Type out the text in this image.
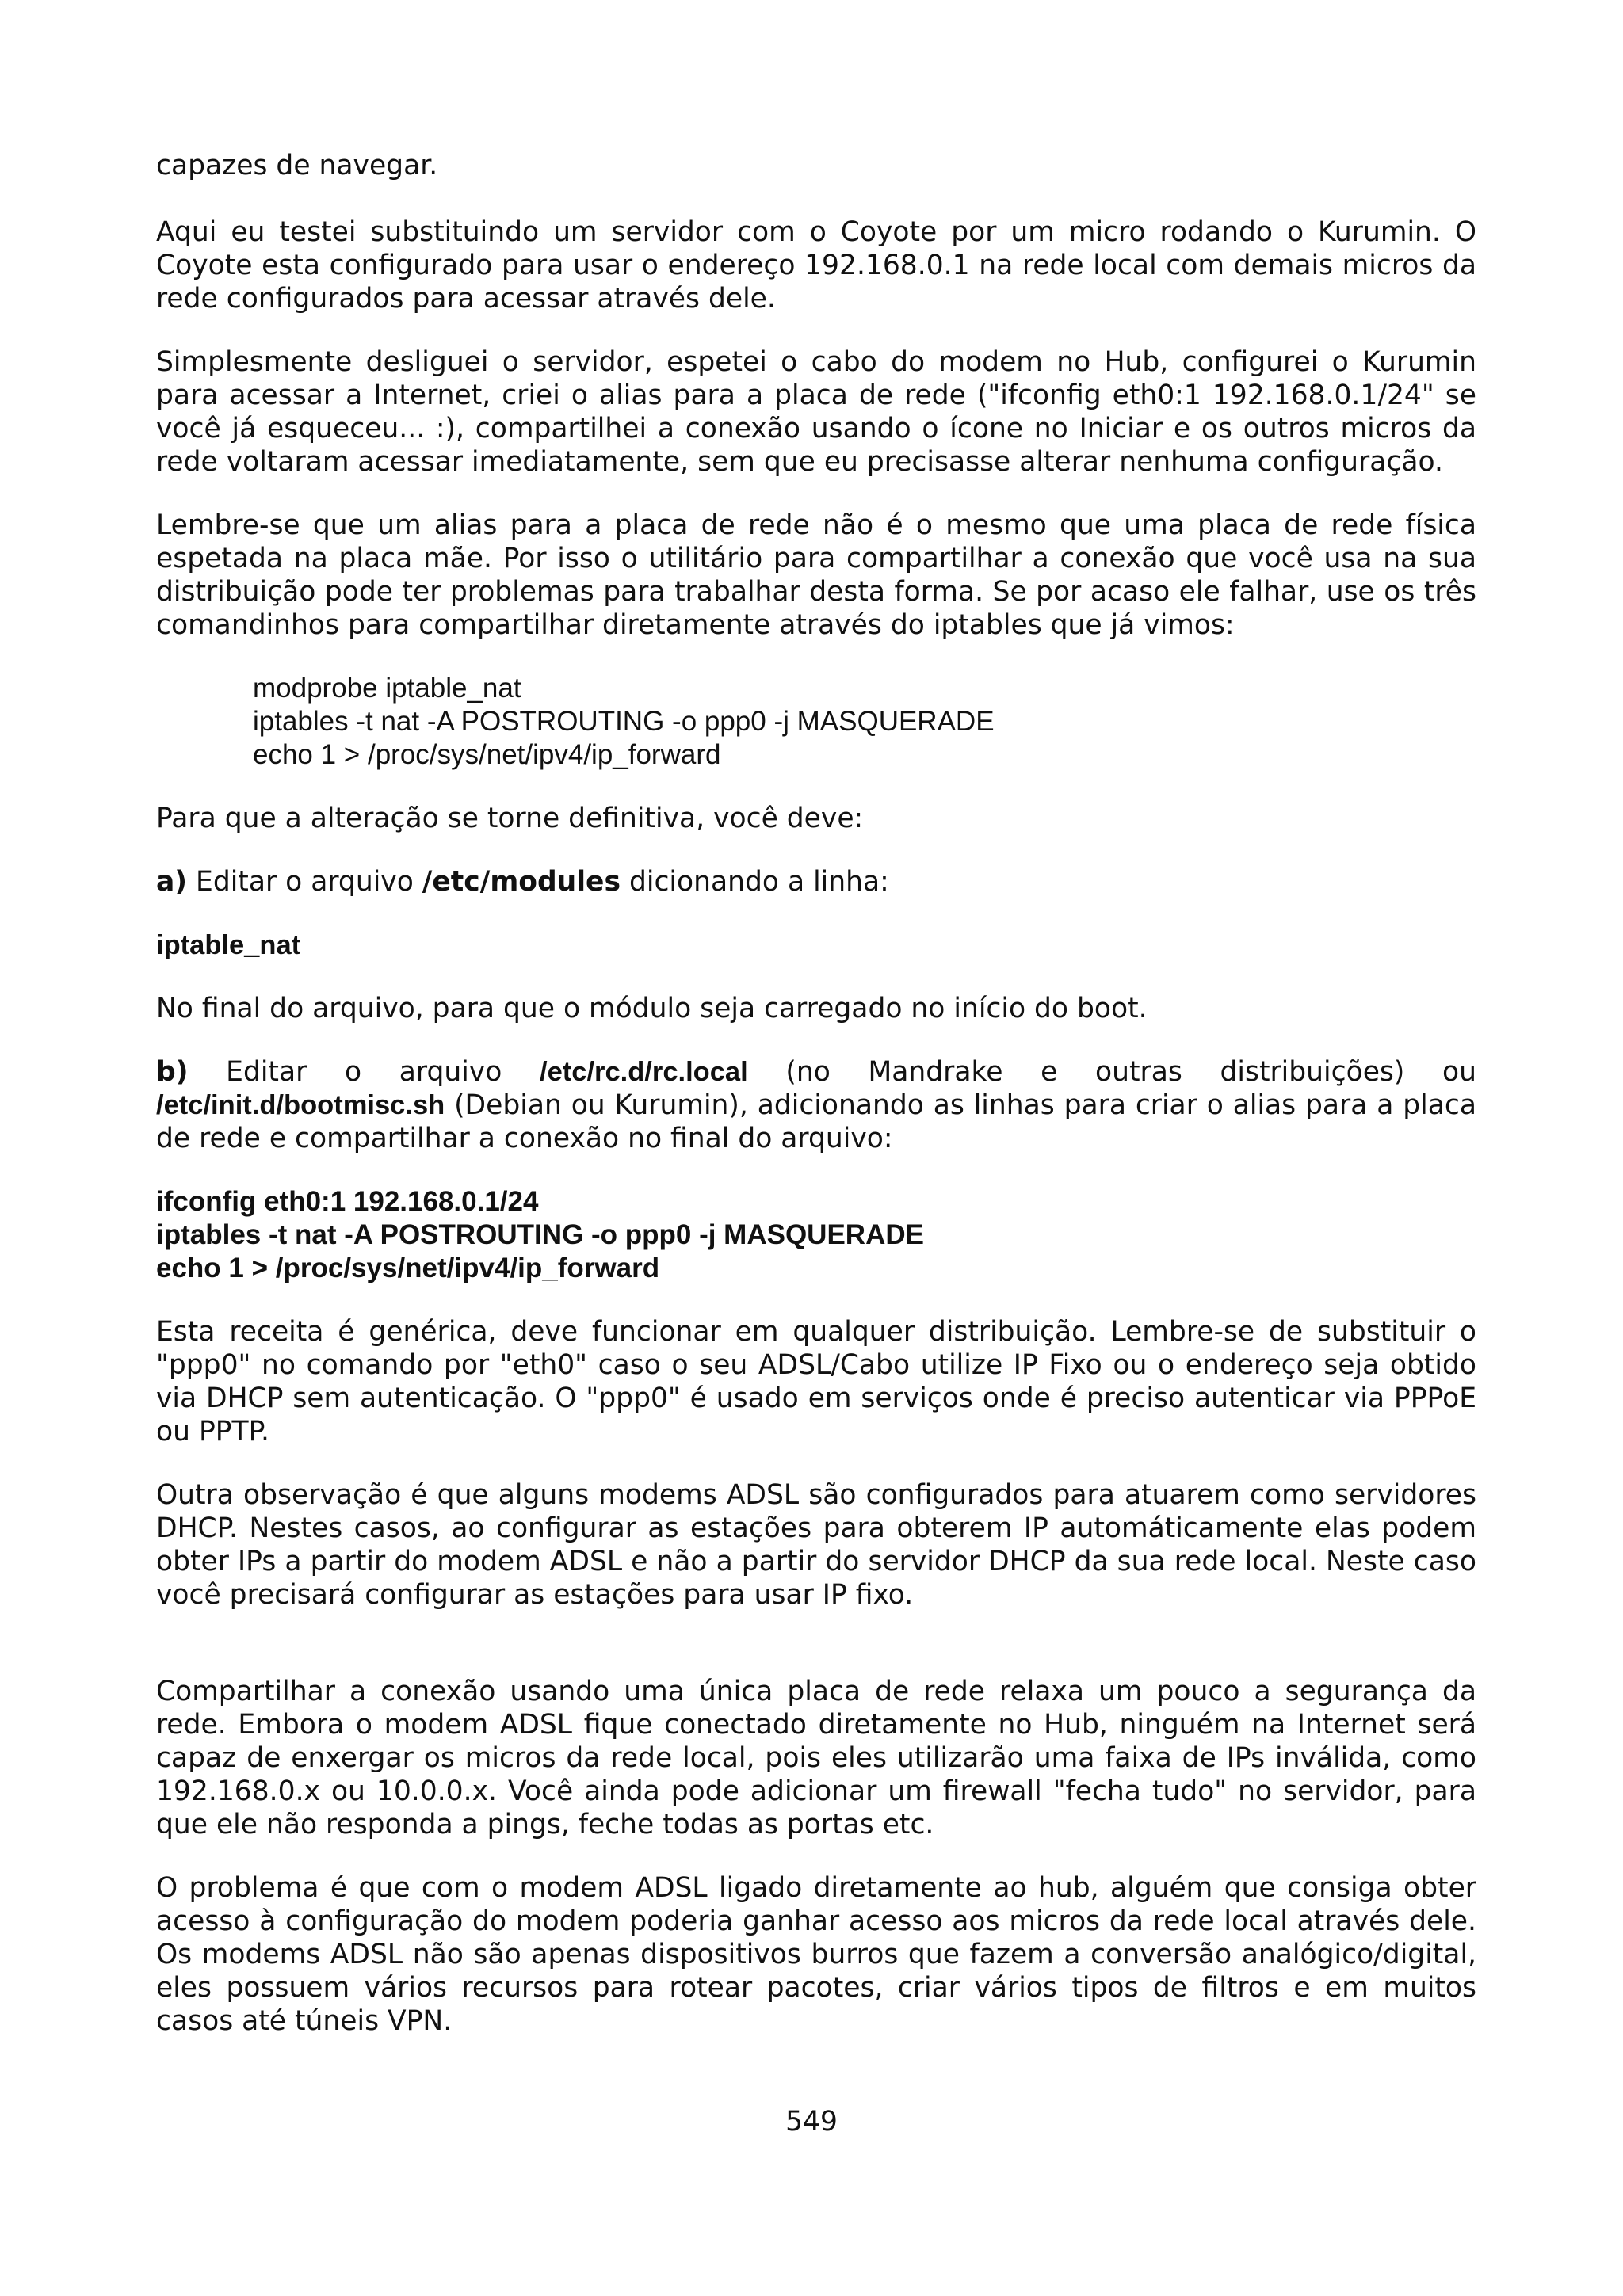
capazes de navegar.

Aqui eu testei substituindo um servidor com o Coyote por um micro rodando o Kurumin. O Coyote esta configurado para usar o endereço 192.168.0.1 na rede local com demais micros da rede configurados para acessar através dele.

Simplesmente desliguei o servidor, espetei o cabo do modem no Hub, configurei o Kurumin para acessar a Internet, criei o alias para a placa de rede ("ifconfig eth0:1 192.168.0.1/24" se você já esqueceu... :), compartilhei a conexão usando o ícone no Iniciar e os outros micros da rede voltaram acessar imediatamente, sem que eu precisasse alterar nenhuma configuração.

Lembre-se que um alias para a placa de rede não é o mesmo que uma placa de rede física espetada na placa mãe. Por isso o utilitário para compartilhar a conexão que você usa na sua distribuição pode ter problemas para trabalhar desta forma. Se por acaso ele falhar, use os três comandinhos para compartilhar diretamente através do iptables que já vimos:

modprobe iptable_nat
iptables -t nat -A POSTROUTING -o ppp0 -j MASQUERADE
echo 1 > /proc/sys/net/ipv4/ip_forward

Para que a alteração se torne definitiva, você deve:

a) Editar o arquivo /etc/modules dicionando a linha:

iptable_nat

No final do arquivo, para que o módulo seja carregado no início do boot.

b) Editar o arquivo /etc/rc.d/rc.local (no Mandrake e outras distribuições) ou /etc/init.d/bootmisc.sh (Debian ou Kurumin), adicionando as linhas para criar o alias para a placa de rede e compartilhar a conexão no final do arquivo:

ifconfig eth0:1 192.168.0.1/24
iptables -t nat -A POSTROUTING -o ppp0 -j MASQUERADE
echo 1 > /proc/sys/net/ipv4/ip_forward

Esta receita é genérica, deve funcionar em qualquer distribuição. Lembre-se de substituir o "ppp0" no comando por "eth0" caso o seu ADSL/Cabo utilize IP Fixo ou o endereço seja obtido via DHCP sem autenticação. O "ppp0" é usado em serviços onde é preciso autenticar via PPPoE ou PPTP.

Outra observação é que alguns modems ADSL são configurados para atuarem como servidores DHCP. Nestes casos, ao configurar as estações para obterem IP automáticamente elas podem obter IPs a partir do modem ADSL e não a partir do servidor DHCP da sua rede local. Neste caso você precisará configurar as estações para usar IP fixo.

Compartilhar a conexão usando uma única placa de rede relaxa um pouco a segurança da rede. Embora o modem ADSL fique conectado diretamente no Hub, ninguém na Internet será capaz de enxergar os micros da rede local, pois eles utilizarão uma faixa de IPs inválida, como 192.168.0.x ou 10.0.0.x. Você ainda pode adicionar um firewall "fecha tudo" no servidor, para que ele não responda a pings, feche todas as portas etc.

O problema é que com o modem ADSL ligado diretamente ao hub, alguém que consiga obter acesso à configuração do modem poderia ganhar acesso aos micros da rede local através dele. Os modems ADSL não são apenas dispositivos burros que fazem a conversão analógico/digital, eles possuem vários recursos para rotear pacotes, criar vários tipos de filtros e em muitos casos até túneis VPN.

549
